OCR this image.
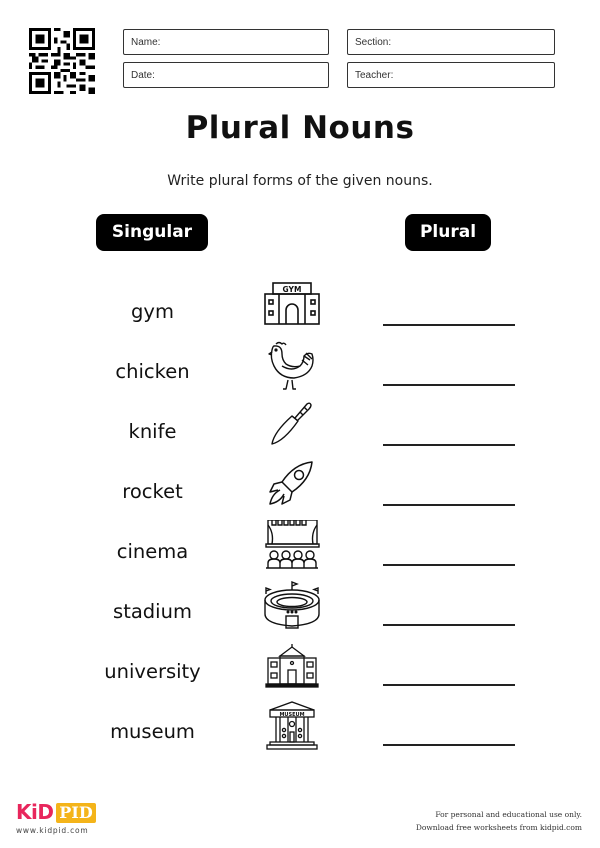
Name:	Section:
Date:	Teacher:
Plural Nouns
Write plural forms of the given nouns.
Singular	Plural
gym
GYM
chicken
knife
rocket
cinema
stadium
university
museum
MUSEUM
KiD PID
www.kidpid.com
For personal and educational use only.
Download free worksheets from kidpid.com
